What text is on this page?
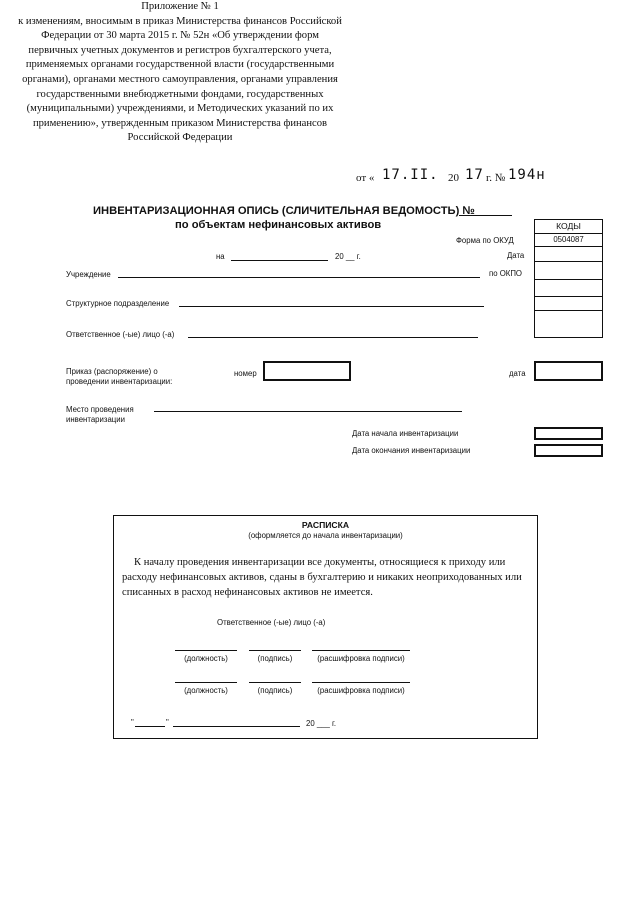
Приложение № 1
к изменениям, вносимым в приказ Министерства финансов Российской
Федерации от 30 марта 2015 г. № 52н «Об утверждении форм
первичных учетных документов и регистров бухгалтерского учета,
применяемых органами государственной власти (государственными
органами), органами местного самоуправления, органами управления
государственными внебюджетными фондами, государственных
(муниципальными) учреждениями, и Методических указаний по их
применению», утвержденным приказом Министерства финансов
Российской Федерации
от « 17.II. 20 17 г. № 194н
ИНВЕНТАРИЗАЦИОННАЯ ОПИСЬ (СЛИЧИТЕЛЬНАЯ ВЕДОМОСТЬ) №
по объектам нефинансовых активов	КОДЫ
0504087
Форма по ОКУД
Дата
по ОКПО
на	20 __ г.
Учреждение
Структурное подразделение
Ответственное (-ые) лицо (-а)
Приказ (распоряжение) о
проведении инвентаризации:
номер	дата
Место проведения
инвентаризации
Дата начала инвентаризации
Дата окончания инвентаризации
РАСПИСКА
(оформляется до начала инвентаризации)
К началу проведения инвентаризации все документы, относящиеся к приходу или
расходу нефинансовых активов, сданы в бухгалтерию и никаких неоприходованных или
списанных в расход нефинансовых активов не имеется.
Ответственное (-ые) лицо (-а)
(должность)	(подпись)	(расшифровка подписи)
(должность)	(подпись)	(расшифровка подписи)
"	"	20 ___ г.
